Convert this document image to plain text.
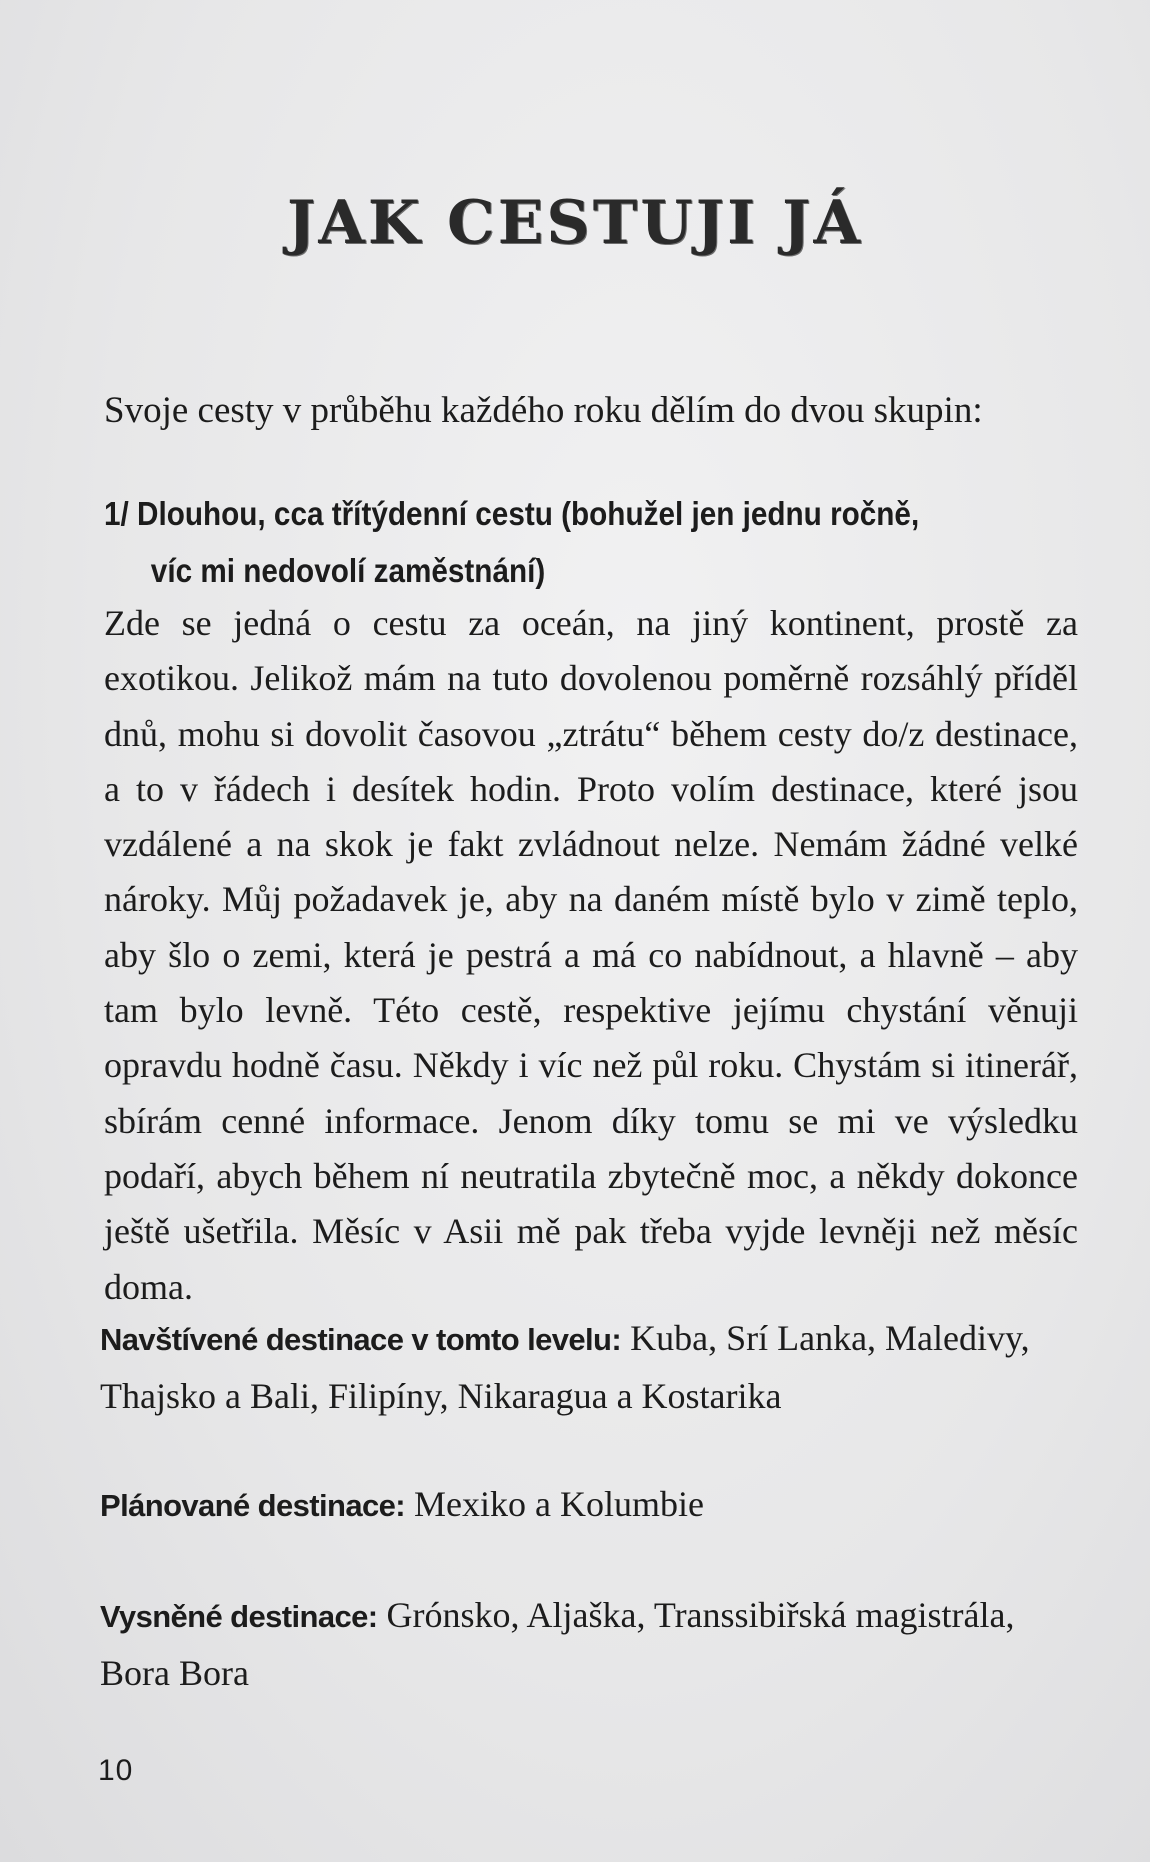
JAK CESTUJI JÁ
Svoje cesty v průběhu každého roku dělím do dvou skupin:
1/ Dlouhou, cca třítýdenní cestu (bohužel jen jednu ročně,
víc mi nedovolí zaměstnání)
Zde se jedná o cestu za oceán, na jiný kontinent, prostě za exotikou. Jelikož mám na tuto dovolenou poměrně rozsáhlý příděl dnů, mohu si dovolit časovou „ztrátu“ během cesty do/z destinace, a to v řádech i desítek hodin. Proto volím destinace, které jsou vzdálené a na skok je fakt zvládnout nelze. Nemám žádné velké nároky. Můj požadavek je, aby na daném místě bylo v zimě teplo, aby šlo o zemi, která je pestrá a má co nabídnout, a hlavně – aby tam bylo levně. Této cestě, respektive jejímu chystání věnuji opravdu hodně času. Někdy i víc než půl roku. Chystám si itinerář, sbírám cenné informace. Jenom díky tomu se mi ve výsledku podaří, abych během ní neutratila zbytečně moc, a někdy dokonce ještě ušetřila. Měsíc v Asii mě pak třeba vyjde levněji než měsíc doma.
Navštívené destinace v tomto levelu: Kuba, Srí Lanka, Maledivy, Thajsko a Bali, Filipíny, Nikaragua a Kostarika
Plánované destinace: Mexiko a Kolumbie
Vysněné destinace: Grónsko, Aljaška, Transsibiřská magistrála, Bora Bora
10
